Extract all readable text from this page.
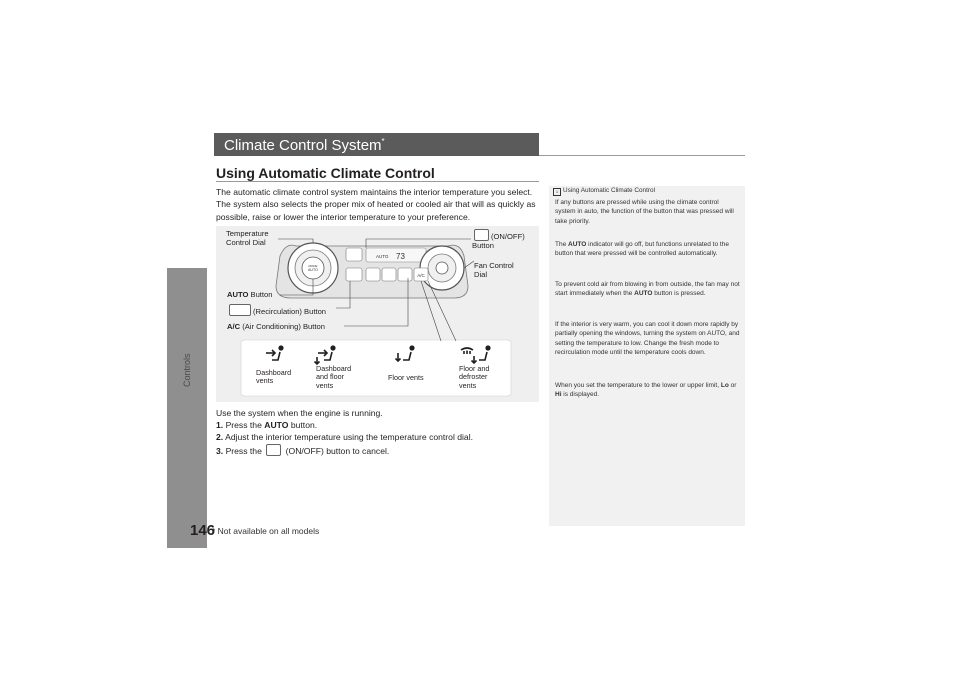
Controls
146
* Not available on all models
Climate Control System*
Using Automatic Climate Control
The automatic climate control system maintains the interior temperature you select. The system also selects the proper mix of heated or cooled air that will as quickly as possible, raise or lower the interior temperature to your preference.
1 Using Automatic Climate Control

If any buttons are pressed while using the climate control system in auto, the function of the button that was pressed will take priority.

The AUTO indicator will go off, but functions unrelated to the button that were pressed will be controlled automatically.

To prevent cold air from blowing in from outside, the fan may not start immediately when the AUTO button is pressed.

If the interior is very warm, you can cool it down more rapidly by partially opening the windows, turning the system on AUTO, and setting the temperature to low. Change the fresh mode to recirculation mode until the temperature cools down.

When you set the temperature to the lower or upper limit, Lo or Hi is displayed.

AUTO 73
MODE
AUTO
A/C
Temperature
Control Dial
(ON/OFF)
Button
Fan Control
Dial
AUTO Button
(Recirculation) Button
A/C (Air Conditioning) Button
Dashboard
vents
Dashboard
and floor
vents
Floor vents
Floor and
defroster
vents
Use the system when the engine is running.
1. Press the AUTO button.
2. Adjust the interior temperature using the temperature control dial.
3. Press the  (ON/OFF) button to cancel.
